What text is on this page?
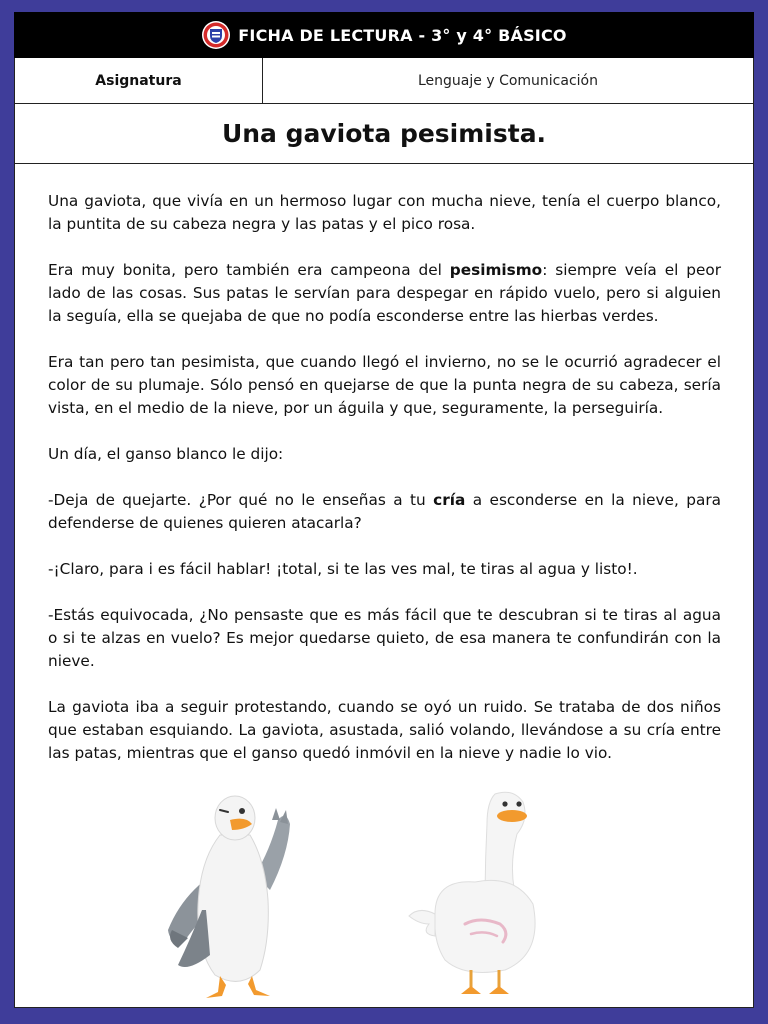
FICHA DE LECTURA - 3° y 4° BÁSICO
Asignatura	Lenguaje y Comunicación
Una gaviota pesimista.

Una gaviota, que vivía en un hermoso lugar con mucha nieve, tenía el cuerpo blanco, la puntita de su cabeza negra y las patas y el pico rosa.

Era muy bonita, pero también era campeona del pesimismo: siempre veía el peor lado de las cosas. Sus patas le servían para despegar en rápido vuelo, pero si alguien la seguía, ella se quejaba de que no podía esconderse entre las hierbas verdes.

Era tan pero tan pesimista, que cuando llegó el invierno, no se le ocurrió agradecer el color de su plumaje. Sólo pensó en quejarse de que la punta negra de su cabeza, sería vista, en el medio de la nieve, por un águila y que, seguramente, la perseguiría.

Un día, el ganso blanco le dijo:

-Deja de quejarte. ¿Por qué no le enseñas a tu cría a esconderse en la nieve, para defenderse de quienes quieren atacarla?

-¡Claro, para i es fácil hablar! ¡total, si te las ves mal, te tiras al agua y listo!.

-Estás equivocada, ¿No pensaste que es más fácil que te descubran si te tiras al agua o si te alzas en vuelo? Es mejor quedarse quieto, de esa manera te confundirán con la nieve.

La gaviota iba a seguir protestando, cuando se oyó un ruido. Se trataba de dos niños que estaban esquiando. La gaviota, asustada, salió volando, llevándose a su cría entre las patas, mientras que el ganso quedó inmóvil en la nieve y nadie lo vio.
